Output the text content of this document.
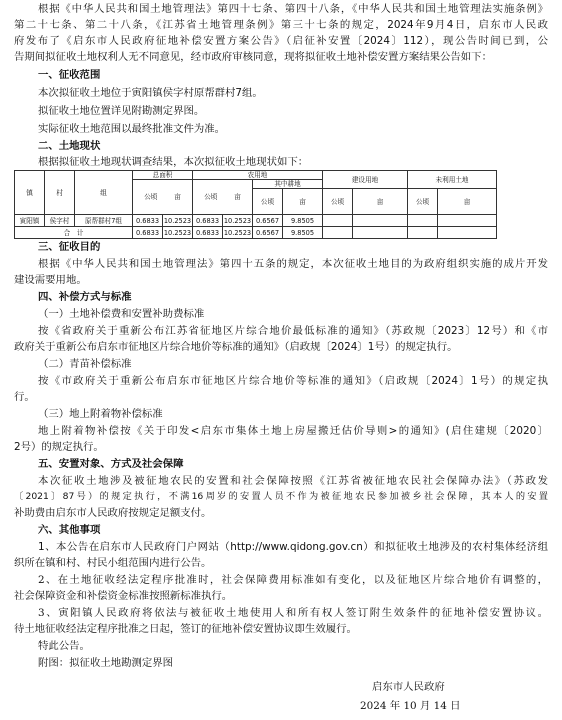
根据《中华人民共和国土地管理法》第四十七条、第四十八条，《中华人民共和国土地管理法实施条例》
第二十七条、第二十八条，《江苏省土地管理条例》第三十七条的规定，2024年9月4日，启东市人民政
府发布了《启东市人民政府征地补偿安置方案公告》（启征补安置〔2024〕112），现公告时间已到，公
告期间拟征收土地权利人无不同意见，经市政府审核同意，现将拟征收土地补偿安置方案结果公告如下：
一、征收范围
本次拟征收土地位于寅阳镇侯字村原帮群村7组。
拟征收土地位置详见附勘测定界图。
实际征收土地范围以最终批准文件为准。
二、土地现状
根据拟征收土地现状调查结果，本次拟征收土地现状如下：
镇	村	组	总面积		农用地				建设用地		未利用土地	
			公顷 亩		公顷 亩		其中耕地					
							公顷	亩	公顷	亩	公顷	亩
寅阳镇	侯字村	原帮群村7组	0.6833	10.2523	0.6833	10.2523	0.6567	9.8505				
合　计			0.6833	10.2523	0.6833	10.2523	0.6567	9.8505				
三、征收目的
根据《中华人民共和国土地管理法》第四十五条的规定，本次征收土地目的为政府组织实施的成片开发
建设需要用地。
四、补偿方式与标准
（一）土地补偿费和安置补助费标准
按《省政府关于重新公布江苏省征地区片综合地价最低标准的通知》（苏政规〔2023〕12号）和《市
政府关于重新公布启东市征地区片综合地价等标准的通知》（启政规〔2024〕1号）的规定执行。
（二）青苗补偿标准
按《市政府关于重新公布启东市征地区片综合地价等标准的通知》（启政规〔2024〕1号）的规定执
行。
（三）地上附着物补偿标准
地上附着物补偿按《关于印发<启东市集体土地上房屋搬迁估价导则>的通知》(启住建规〔2020〕
2号）的规定执行。
五、安置对象、方式及社会保障
本次征收土地涉及被征地农民的安置和社会保障按照《江苏省被征地农民社会保障办法》（苏政发
〔2021〕87号）的规定执行，不满16周岁的安置人员不作为被征地农民参加被乡社会保障，其本人的安置
补助费由启东市人民政府按规定足额支付。
六、其他事项
1、本公告在启东市人民政府门户网站（http://www.qidong.gov.cn）和拟征收土地涉及的农村集体经济组
织所在镇和村、村民小组范围内进行公告。
2、在土地征收经法定程序批准时，社会保障费用标准如有变化，以及征地区片综合地价有调整的，
社会保障资金和补偿资金标准按照新标准执行。
3、寅阳镇人民政府将依法与被征收土地使用人和所有权人签订附生效条件的征地补偿安置协议。
待土地征收经法定程序批准之日起，签订的征地补偿安置协议即生效履行。
特此公告。
附图：拟征收土地勘测定界图
启东市人民政府
2024 年 10 月 14 日
